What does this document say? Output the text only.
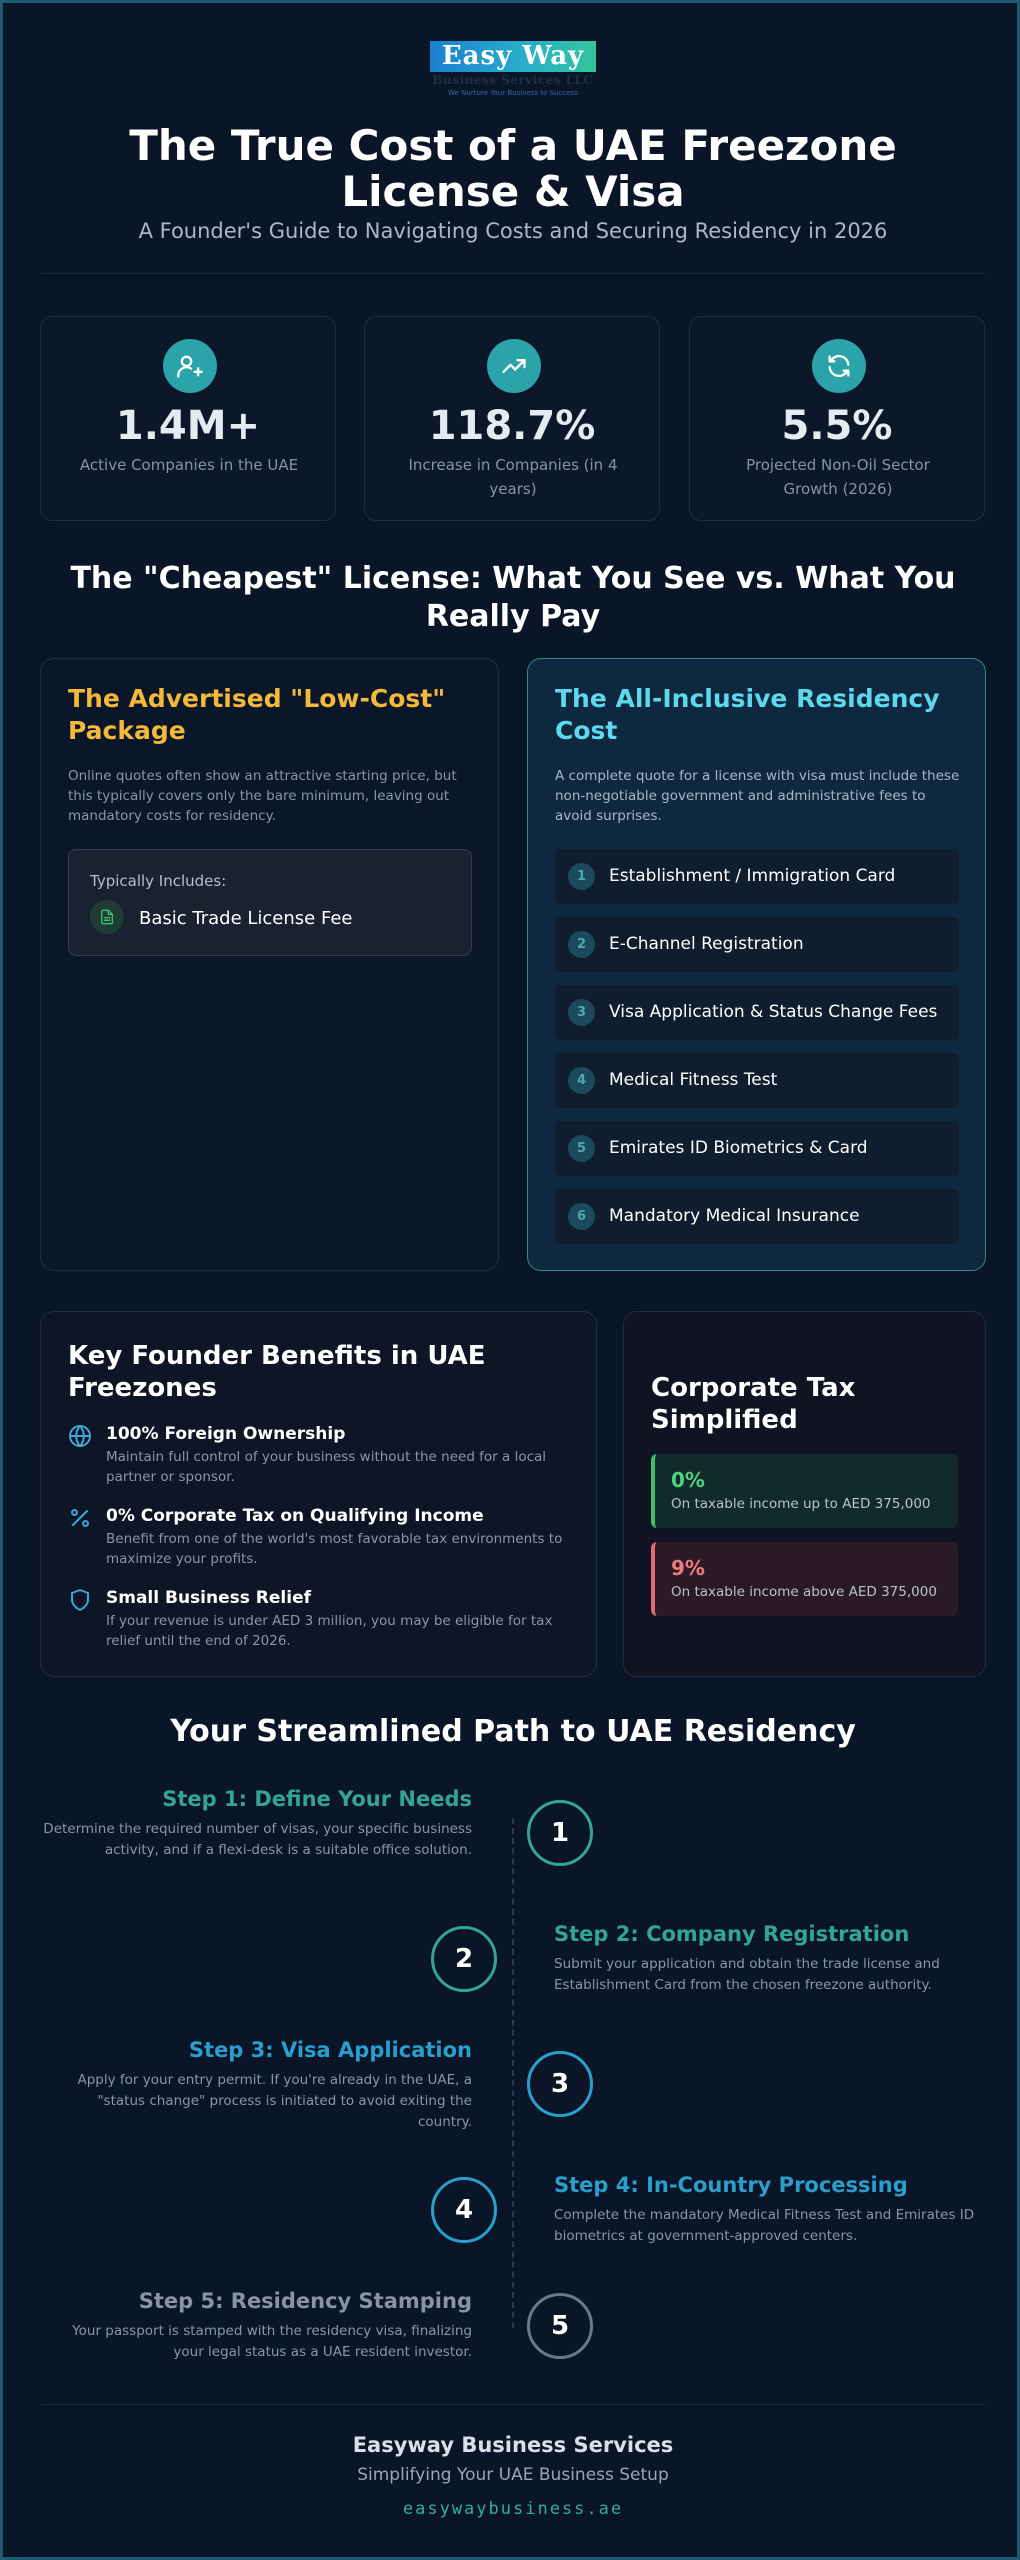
Easy Way
Business Services LLC
We Nurture Your Business to Success
The True Cost of a UAE Freezone License & Visa
A Founder's Guide to Navigating Costs and Securing Residency in 2026
1.4M+
Active Companies in the UAE
118.7%
Increase in Companies (in 4 years)
5.5%
Projected Non-Oil Sector Growth (2026)
The "Cheapest" License: What You See vs. What You Really Pay
The Advertised "Low-Cost" Package
Online quotes often show an attractive starting price, but this typically covers only the bare minimum, leaving out mandatory costs for residency.
Typically Includes:
Basic Trade License Fee
The All-Inclusive Residency Cost
A complete quote for a license with visa must include these non-negotiable government and administrative fees to avoid surprises.
1	Establishment / Immigration Card
2	E-Channel Registration
3	Visa Application & Status Change Fees
4	Medical Fitness Test
5	Emirates ID Biometrics & Card
6	Mandatory Medical Insurance
Key Founder Benefits in UAE Freezones
100% Foreign Ownership
Maintain full control of your business without the need for a local partner or sponsor.
0% Corporate Tax on Qualifying Income
Benefit from one of the world's most favorable tax environments to maximize your profits.
Small Business Relief
If your revenue is under AED 3 million, you may be eligible for tax relief until the end of 2026.
Corporate Tax Simplified
0%
On taxable income up to AED 375,000
9%
On taxable income above AED 375,000
Your Streamlined Path to UAE Residency
Step 1: Define Your Needs
Determine the required number of visas, your specific business activity, and if a flexi-desk is a suitable office solution.
1
2
Step 2: Company Registration
Submit your application and obtain the trade license and Establishment Card from the chosen freezone authority.
Step 3: Visa Application
Apply for your entry permit. If you're already in the UAE, a "status change" process is initiated to avoid exiting the country.
3
4
Step 4: In-Country Processing
Complete the mandatory Medical Fitness Test and Emirates ID biometrics at government-approved centers.
Step 5: Residency Stamping
Your passport is stamped with the residency visa, finalizing your legal status as a UAE resident investor.
5
Easyway Business Services
Simplifying Your UAE Business Setup
easywaybusiness.ae
